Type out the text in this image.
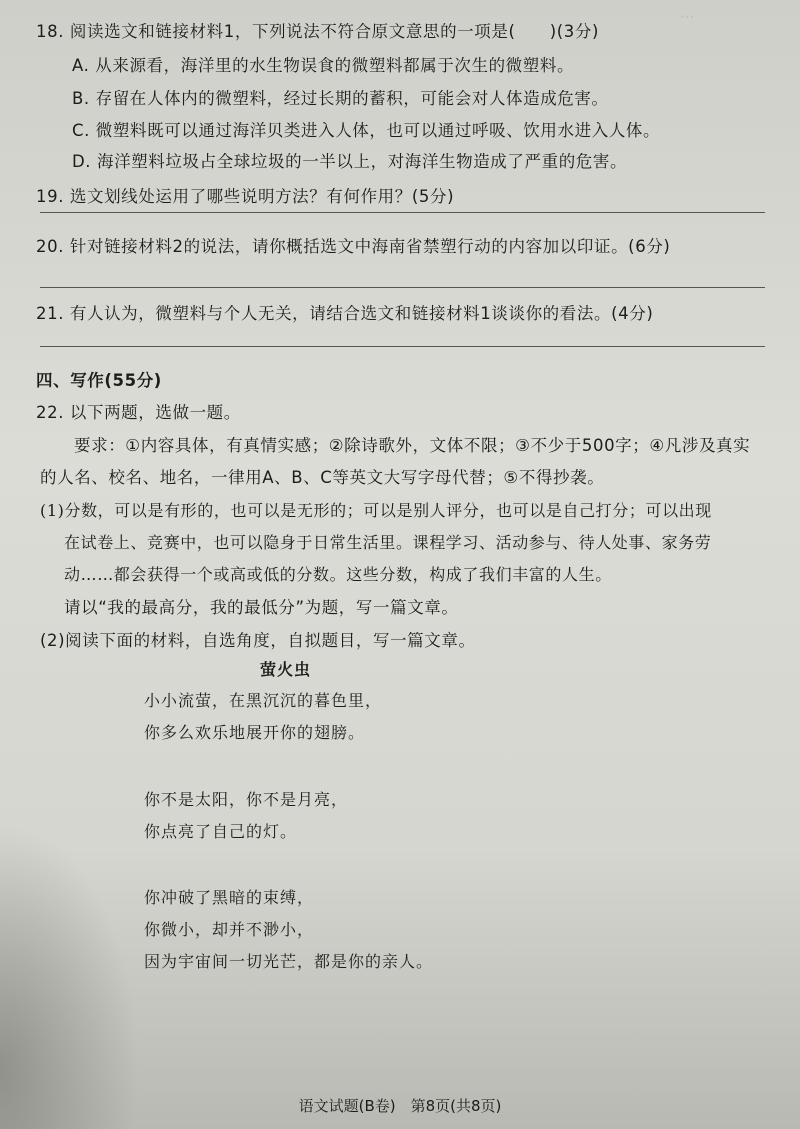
···
18. 阅读选文和链接材料1，下列说法不符合原文意思的一项是(　　)(3分)
A. 从来源看，海洋里的水生物误食的微塑料都属于次生的微塑料。
B. 存留在人体内的微塑料，经过长期的蓄积，可能会对人体造成危害。
C. 微塑料既可以通过海洋贝类进入人体，也可以通过呼吸、饮用水进入人体。
D. 海洋塑料垃圾占全球垃圾的一半以上，对海洋生物造成了严重的危害。
19. 选文划线处运用了哪些说明方法？有何作用？(5分)
20. 针对链接材料2的说法，请你概括选文中海南省禁塑行动的内容加以印证。(6分)
21. 有人认为，微塑料与个人无关，请结合选文和链接材料1谈谈你的看法。(4分)
四、写作(55分)
22. 以下两题，选做一题。
要求：①内容具体，有真情实感；②除诗歌外，文体不限；③不少于500字；④凡涉及真实
的人名、校名、地名，一律用A、B、C等英文大写字母代替；⑤不得抄袭。
(1)分数，可以是有形的，也可以是无形的；可以是别人评分，也可以是自己打分；可以出现
在试卷上、竞赛中，也可以隐身于日常生活里。课程学习、活动参与、待人处事、家务劳
动……都会获得一个或高或低的分数。这些分数，构成了我们丰富的人生。
请以“我的最高分，我的最低分”为题，写一篇文章。
(2)阅读下面的材料，自选角度，自拟题目，写一篇文章。
萤火虫
小小流萤，在黑沉沉的暮色里，
你多么欢乐地展开你的翅膀。
你不是太阳，你不是月亮，
你点亮了自己的灯。
你冲破了黑暗的束缚，
你微小，却并不渺小，
因为宇宙间一切光芒，都是你的亲人。
语文试题(B卷)　第8页(共8页)
